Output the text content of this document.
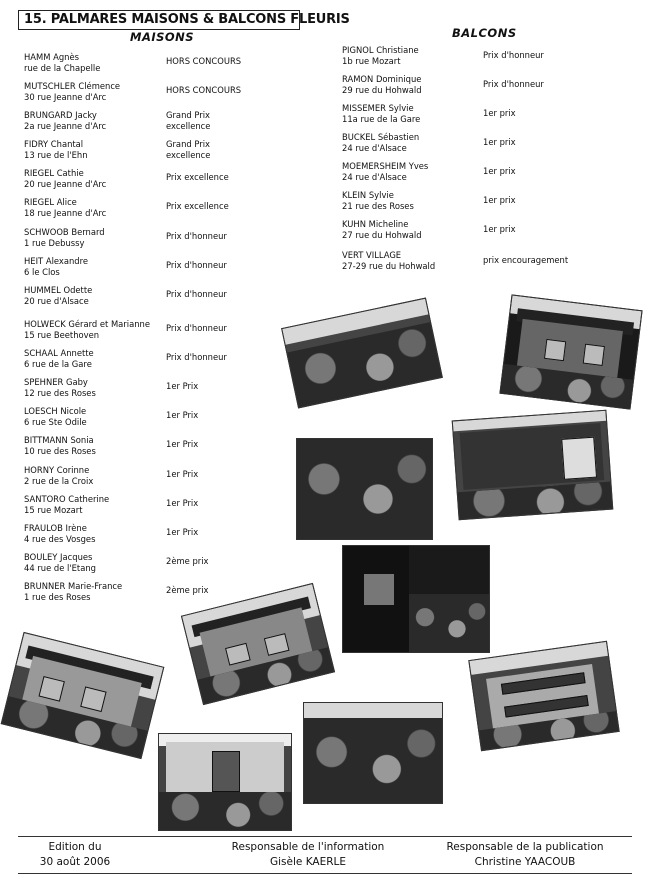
15. PALMARES MAISONS & BALCONS FLEURIS
MAISONS	BALCONS
HAMM Agnès
rue de la Chapelle
HORS CONCOURS
MUTSCHLER Clémence
30 rue Jeanne d'Arc
HORS CONCOURS
BRUNGARD Jacky
2a rue Jeanne d'Arc
Grand Prix
excellence
FIDRY Chantal
13 rue de l'Ehn
Grand Prix
excellence
RIEGEL Cathie
20 rue Jeanne d'Arc
Prix excellence
RIEGEL Alice
18 rue Jeanne d'Arc
Prix excellence
SCHWOOB Bernard
1 rue Debussy
Prix d'honneur
HEIT Alexandre
6 le Clos
Prix d'honneur
HUMMEL Odette
20 rue d'Alsace
Prix d'honneur
HOLWECK Gérard et Marianne
15 rue Beethoven
Prix d'honneur
SCHAAL Annette
6 rue de la Gare
Prix d'honneur
SPEHNER Gaby
12 rue des Roses
1er Prix
LOESCH Nicole
6 rue Ste Odile
1er Prix
BITTMANN Sonia
10 rue des Roses
1er Prix
HORNY Corinne
2 rue de la Croix
1er Prix
SANTORO Catherine
15 rue Mozart
1er Prix
FRAULOB Irène
4 rue des Vosges
1er Prix
BOULEY Jacques
44 rue de l'Etang
2ème prix
BRUNNER Marie-France
1 rue des Roses
2ème prix
PIGNOL Christiane
1b rue Mozart
Prix d'honneur
RAMON Dominique
29 rue du Hohwald
Prix d'honneur
MISSEMER Sylvie
11a rue de la Gare
1er prix
BUCKEL Sébastien
24 rue d'Alsace
1er prix
MOEMERSHEIM Yves
24 rue d'Alsace
1er prix
KLEIN Sylvie
21 rue des Roses
1er prix
KUHN Micheline
27 rue du Hohwald
1er prix
VERT VILLAGE
27-29 rue du Hohwald
prix encouragement
Edition du
30 août 2006
Responsable de l'information
Gisèle KAERLE
Responsable de la publication
Christine YAACOUB
